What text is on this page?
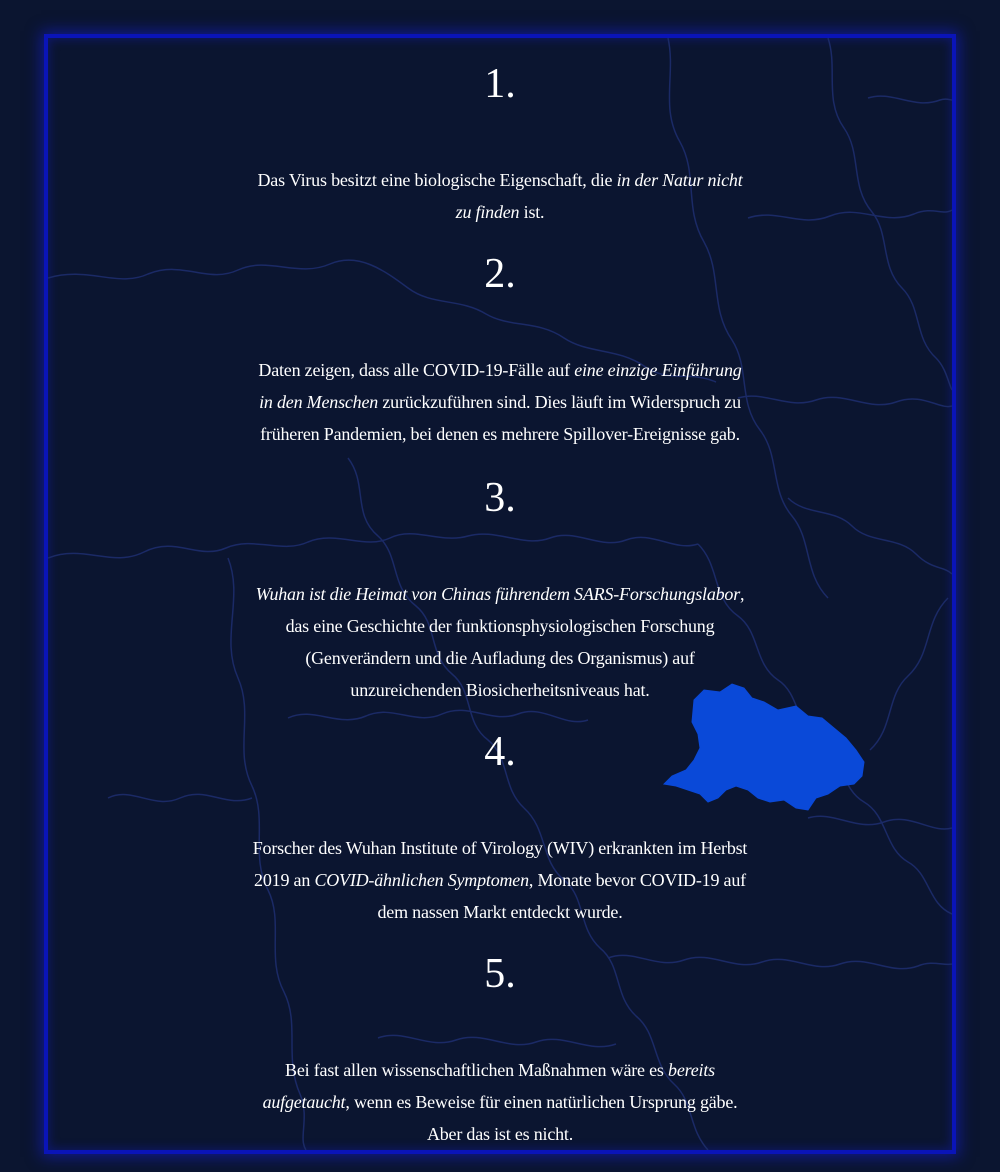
1.

Das Virus besitzt eine biologische Eigenschaft, die in der Natur nicht zu finden ist.

2.

Daten zeigen, dass alle COVID-19-Fälle auf eine einzige Einführung in den Menschen zurückzuführen sind. Dies läuft im Widerspruch zu früheren Pandemien, bei denen es mehrere Spillover-Ereignisse gab.

3.

Wuhan ist die Heimat von Chinas führendem SARS-Forschungslabor, das eine Geschichte der funktionsphysiologischen Forschung (Genverändern und die Aufladung des Organismus) auf unzureichenden Biosicherheitsniveaus hat.

4.

Forscher des Wuhan Institute of Virology (WIV) erkrankten im Herbst 2019 an COVID-ähnlichen Symptomen, Monate bevor COVID-19 auf dem nassen Markt entdeckt wurde.

5.

Bei fast allen wissenschaftlichen Maßnahmen wäre es bereits aufgetaucht, wenn es Beweise für einen natürlichen Ursprung gäbe. Aber das ist es nicht.
